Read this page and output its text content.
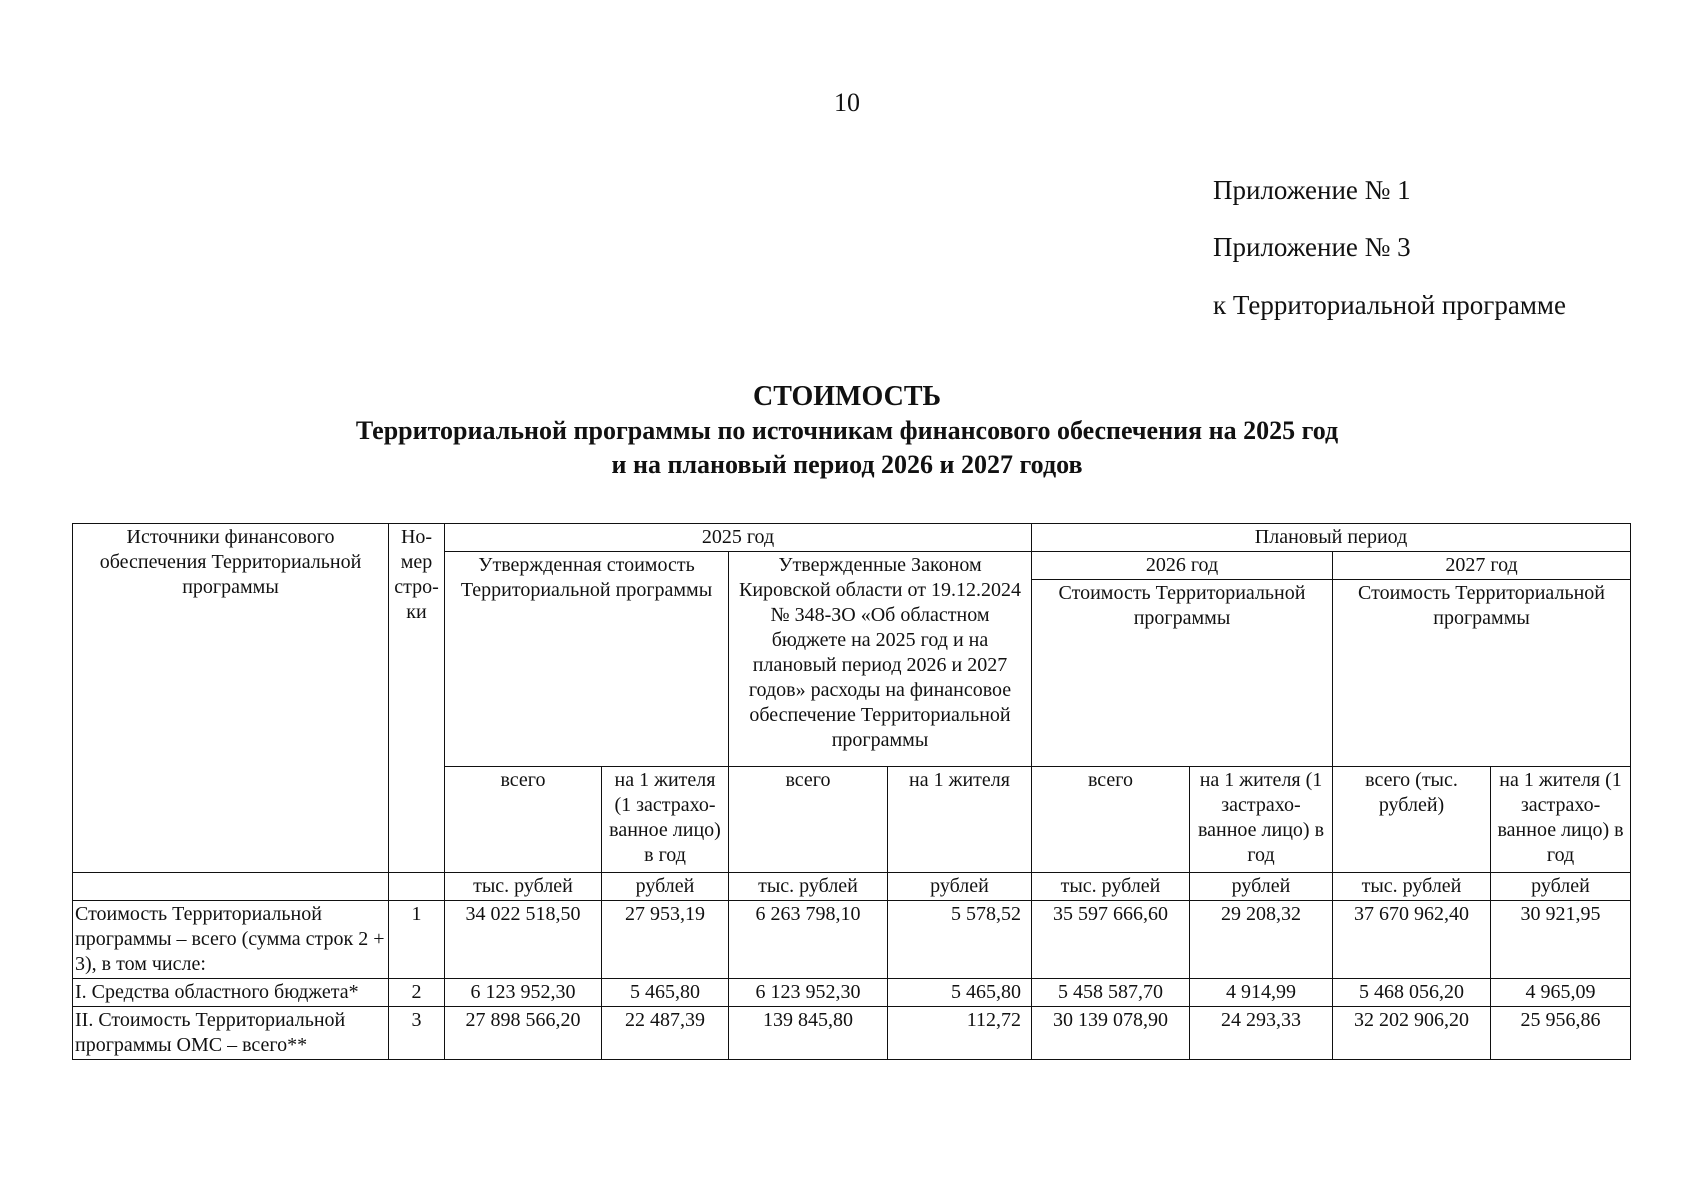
10
Приложение № 1
Приложение № 3
к Территориальной программе
СТОИМОСТЬ
Территориальной программы по источникам финансового обеспечения на 2025 год
и на плановый период 2026 и 2027 годов
Источники финансового обеспечения Территориальной программы	Но-мер стро-ки	2025 год				Плановый период			
		Утвержденная стоимость Территориальной программы		Утвержденные Законом Кировской области от 19.12.2024 № 348-ЗО «Об областном бюджете на 2025 год и на плановый период 2026 и 2027 годов» расходы на финансовое обеспечение Территориальной программы		2026 год		2027 год	
						Стоимость Территориальной программы		Стоимость Территориальной программы	
		всего	на 1 жителя (1 застрахо-ванное лицо) в год	всего	на 1 жителя	всего	на 1 жителя (1 застрахо-ванное лицо) в год	всего (тыс. рублей)	на 1 жителя (1 застрахо-ванное лицо) в год
		тыс. рублей	рублей	тыс. рублей	рублей	тыс. рублей	рублей	тыс. рублей	рублей
Стоимость Территориальной программы – всего (сумма строк 2 + 3), в том числе:	1	34 022 518,50	27 953,19	6 263 798,10	5 578,52	35 597 666,60	29 208,32	37 670 962,40	30 921,95
I. Средства областного бюджета*	2	6 123 952,30	5 465,80	6 123 952,30	5 465,80	5 458 587,70	4 914,99	5 468 056,20	4 965,09
II. Стоимость Территориальной программы ОМС – всего**	3	27 898 566,20	22 487,39	139 845,80	112,72	30 139 078,90	24 293,33	32 202 906,20	25 956,86
